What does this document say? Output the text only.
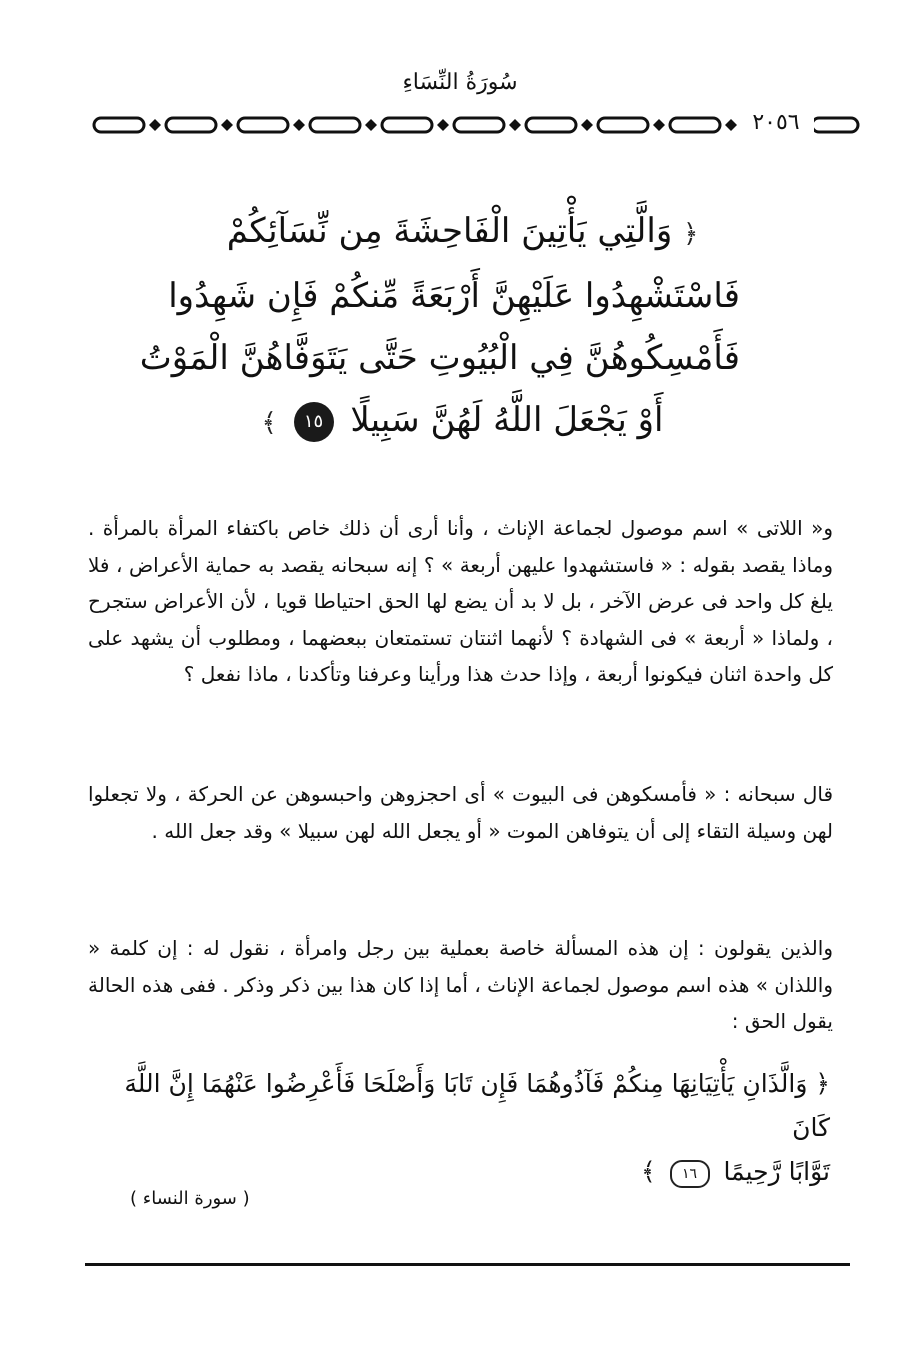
سُورَةُ النِّسَاءِ
٢٠٥٦
﴿ وَالَّتِي يَأْتِينَ الْفَاحِشَةَ مِن نِّسَآئِكُمْ
فَاسْتَشْهِدُوا عَلَيْهِنَّ أَرْبَعَةً مِّنكُمْ فَإِن شَهِدُوا
فَأَمْسِكُوهُنَّ فِي الْبُيُوتِ حَتَّى يَتَوَفَّاهُنَّ الْمَوْتُ
أَوْ يَجْعَلَ اللَّهُ لَهُنَّ سَبِيلًا ١٥ ﴾

و« اللاتى » اسم موصول لجماعة الإناث ، وأنا أرى أن ذلك خاص باكتفاء المرأة بالمرأة . وماذا يقصد بقوله : « فاستشهدوا عليهن أربعة » ؟ إنه سبحانه يقصد به حماية الأعراض ، فلا يلغ كل واحد فى عرض الآخر ، بل لا بد أن يضع لها الحق احتياطا قويا ، لأن الأعراض ستجرح ، ولماذا « أربعة » فى الشهادة ؟ لأنهما اثنتان تستمتعان ببعضهما ، ومطلوب أن يشهد على كل واحدة اثنان فيكونوا أربعة ، وإذا حدث هذا ورأينا وعرفنا وتأكدنا ، ماذا نفعل ؟

قال سبحانه : « فأمسكوهن فى البيوت » أى احجزوهن واحبسوهن عن الحركة ، ولا تجعلوا لهن وسيلة التقاء إلى أن يتوفاهن الموت « أو يجعل الله لهن سبيلا » وقد جعل الله .

والذين يقولون : إن هذه المسألة خاصة بعملية بين رجل وامرأة ، نقول له : إن كلمة « واللذان » هذه اسم موصول لجماعة الإناث ، أما إذا كان هذا بين ذكر وذكر . ففى هذه الحالة يقول الحق :

﴿ وَالَّذَانِ يَأْتِيَانِهَا مِنكُمْ فَآذُوهُمَا فَإِن تَابَا وَأَصْلَحَا فَأَعْرِضُوا عَنْهُمَا إِنَّ اللَّهَ كَانَ
تَوَّابًا رَّحِيمًا ١٦ ﴾
( سورة النساء )
